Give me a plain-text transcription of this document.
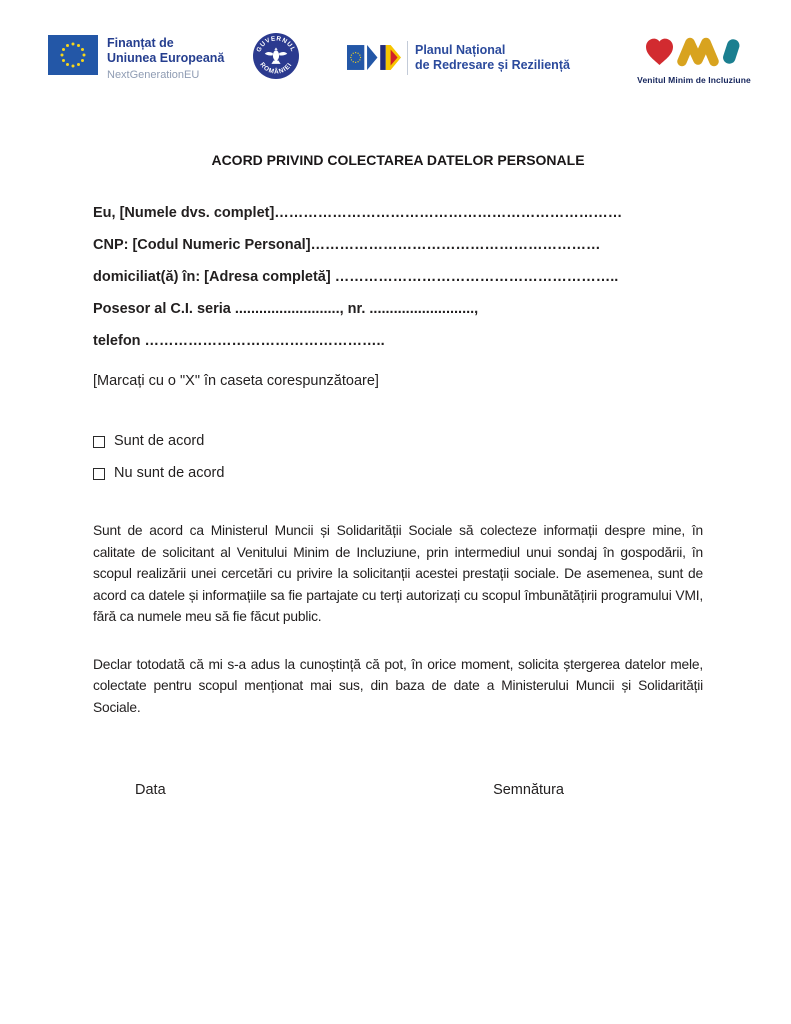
Finanțat de
Uniunea Europeană
NextGenerationEU
GUVERNUL
ROMÂNIEI
Planul Național
de Redresare și Reziliență
Venitul Minim de Incluziune
ACORD PRIVIND COLECTAREA DATELOR PERSONALE

Eu, [Numele dvs. complet]………………………………………………………………

CNP: [Codul Numeric Personal]……………………………………………………

domiciliat(ă) în: [Adresa completă] …………………………………………………..

Posesor al C.I. seria .........................., nr. ..........................,

telefon …………………………………………..

[Marcați cu o "X" în caseta corespunzătoare]
Sunt de acord
Nu sunt de acord

Sunt de acord ca Ministerul Muncii și Solidarității Sociale să colecteze informații despre mine, în calitate de solicitant al Venitului Minim de Incluziune, prin intermediul unui sondaj în gospodării, în scopul realizării unei cercetări cu privire la solicitanții acestei prestații sociale. De asemenea, sunt de acord ca datele și informațiile sa fie partajate cu terți autorizați cu scopul îmbunătățirii programului VMI, fără ca numele meu să fie făcut public.

Declar totodată că mi s-a adus la cunoștință că pot, în orice moment, solicita ștergerea datelor mele, colectate pentru scopul menționat mai sus, din baza de date a Ministerului Muncii și Solidarității Sociale.

Data	Semnătura
